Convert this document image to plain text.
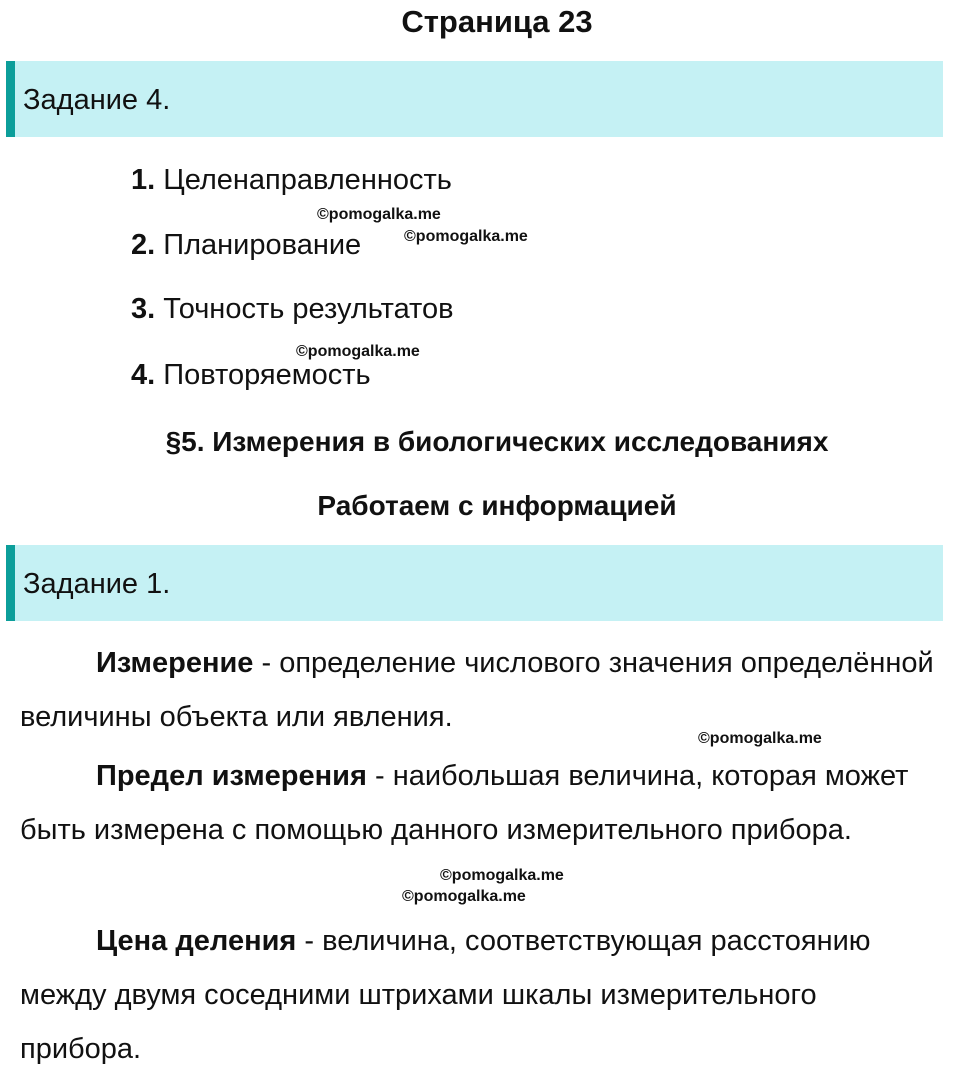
Страница 23
Задание 4.
1. Целенаправленность
2. Планирование
3. Точность результатов
4. Повторяемость
§5. Измерения в биологических исследованиях
Работаем с информацией
Задание 1.
Измерение - определение числового значения определённой величины объекта или явления.
Предел измерения - наибольшая величина, которая может быть измерена с помощью данного измерительного прибора.
Цена деления - величина, соответствующая расстоянию между двумя соседними штрихами шкалы измерительного прибора.
©pomogalka.me
©pomogalka.me
©pomogalka.me
©pomogalka.me
©pomogalka.me
©pomogalka.me
